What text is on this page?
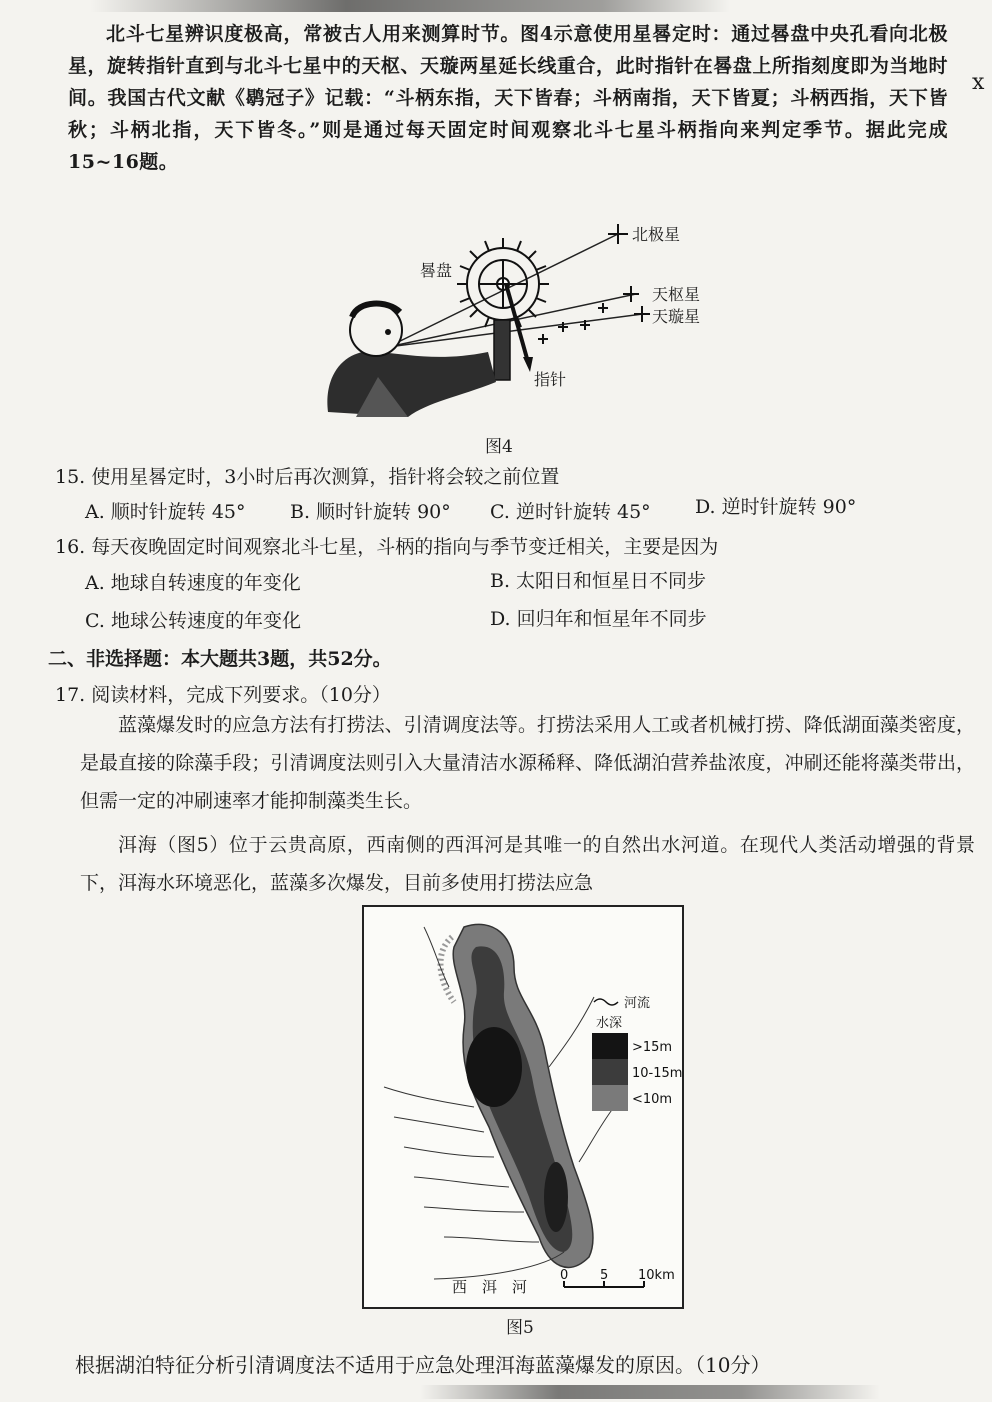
x

北斗七星辨识度极高，常被古人用来测算时节。图4示意使用星晷定时：通过晷盘中央孔看向北极星，旋转指针直到与北斗七星中的天枢、天璇两星延长线重合，此时指针在晷盘上所指刻度即为当地时间。我国古代文献《鹖冠子》记载：“斗柄东指，天下皆春；斗柄南指，天下皆夏；斗柄西指，天下皆秋；斗柄北指，天下皆冬。”则是通过每天固定时间观察北斗七星斗柄指向来判定季节。据此完成15~16题。

晷盘
北极星
天枢星
天璇星
指针
图4
15. 使用星晷定时，3小时后再次测算，指针将会较之前位置
A. 顺时针旋转 45° B. 顺时针旋转 90° C. 逆时针旋转 45° D. 逆时针旋转 90°
16. 每天夜晚固定时间观察北斗七星，斗柄的指向与季节变迁相关，主要是因为
A. 地球自转速度的年变化	B. 太阳日和恒星日不同步
C. 地球公转速度的年变化	D. 回归年和恒星年不同步
二、非选择题：本大题共3题，共52分。
17. 阅读材料，完成下列要求。（10分）

蓝藻爆发时的应急方法有打捞法、引清调度法等。打捞法采用人工或者机械打捞、降低湖面藻类密度，是最直接的除藻手段；引清调度法则引入大量清洁水源稀释、降低湖泊营养盐浓度，冲刷还能将藻类带出，但需一定的冲刷速率才能抑制藻类生长。

洱海（图5）位于云贵高原，西南侧的西洱河是其唯一的自然出水河道。在现代人类活动增强的背景下，洱海水环境恶化，蓝藻多次爆发，目前多使用打捞法应急

河流
水深
>15m
10-15m
<10m
西　洱　河
0 5 10km
图5
根据湖泊特征分析引清调度法不适用于应急处理洱海蓝藻爆发的原因。（10分）
